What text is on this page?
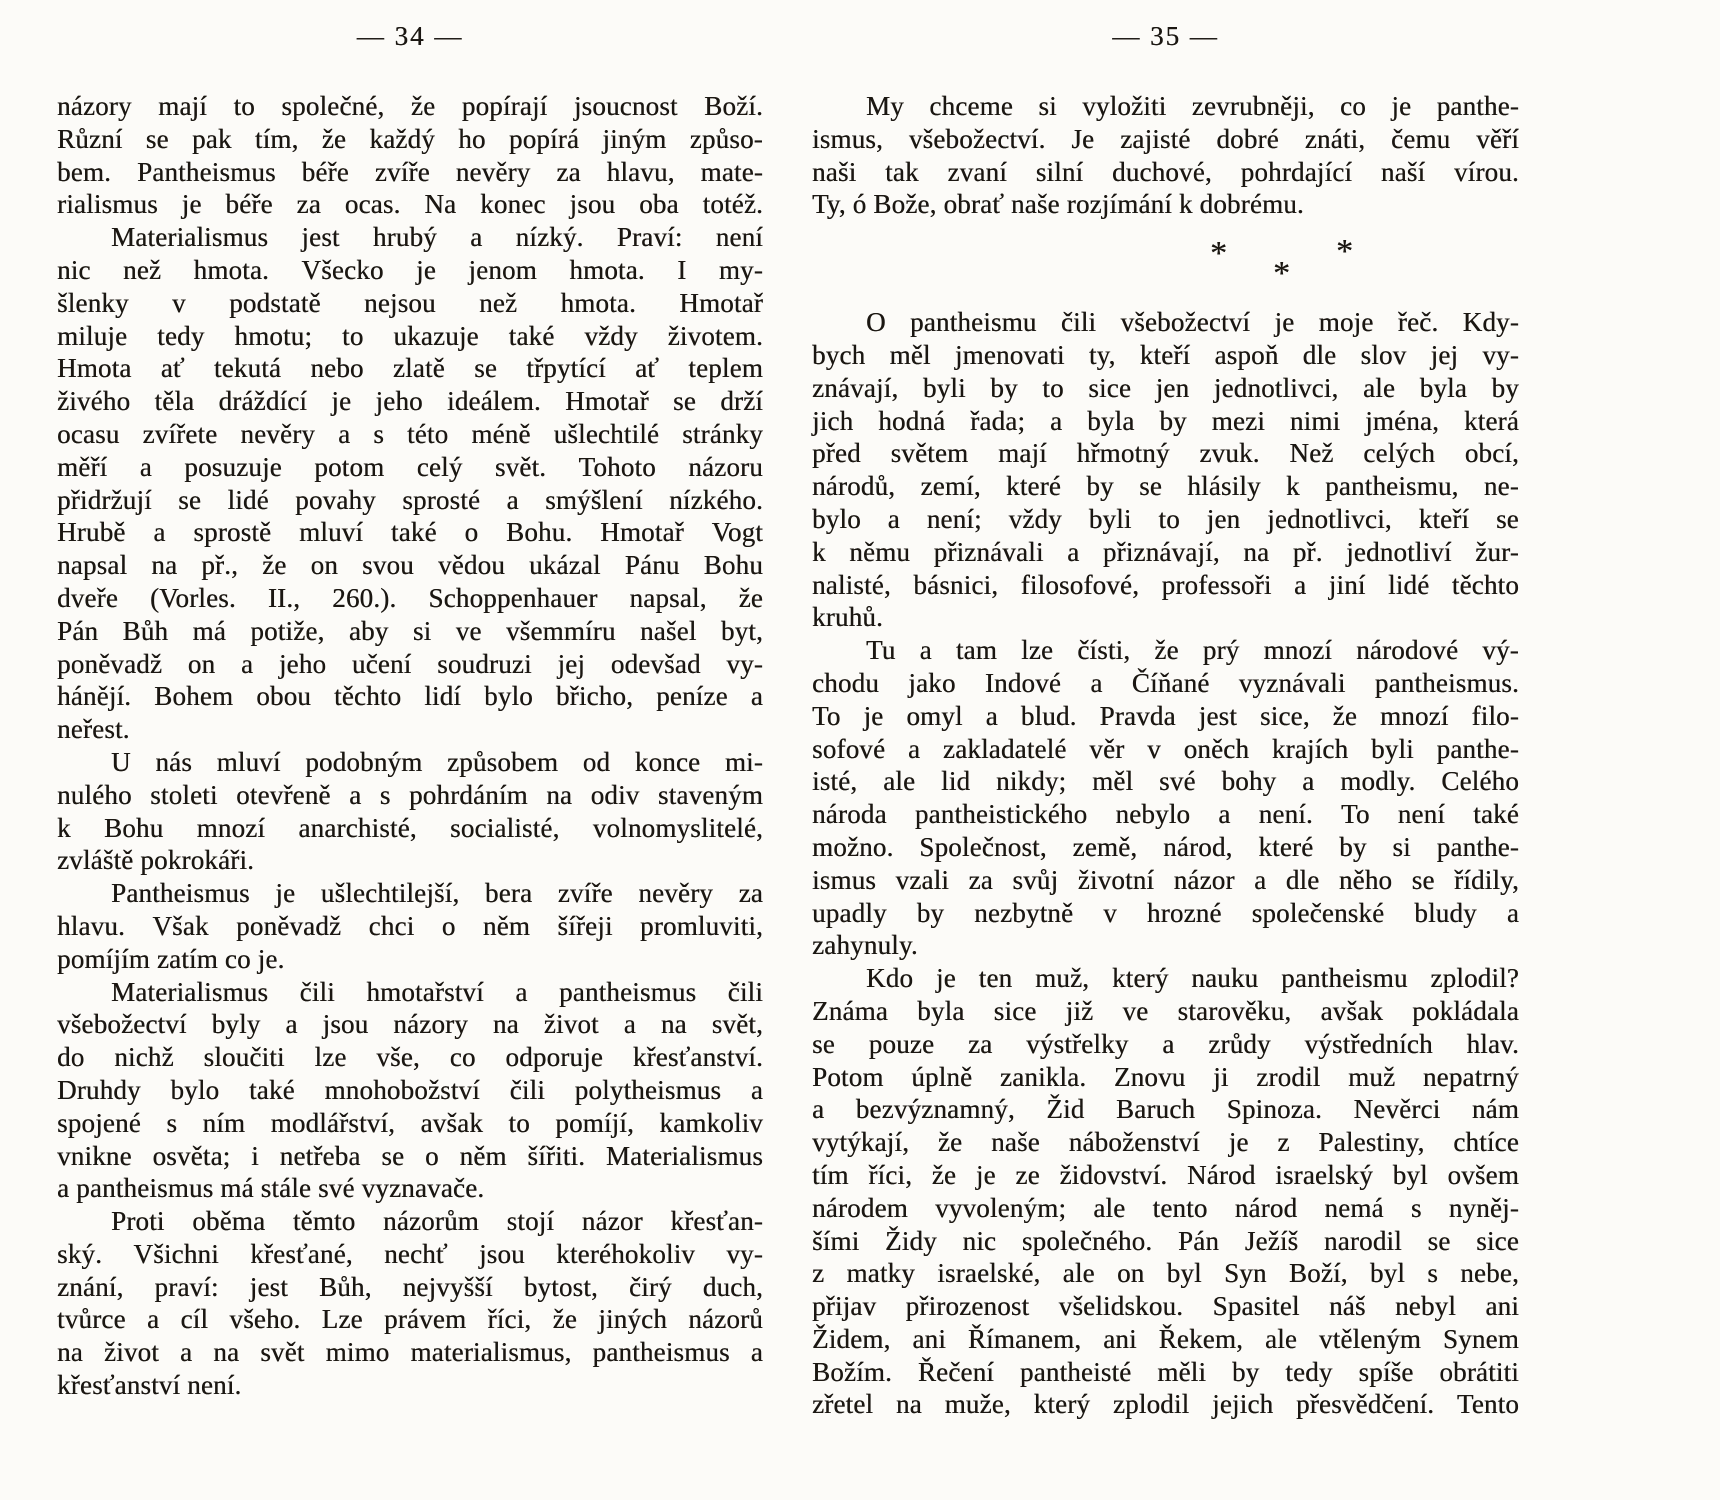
— 34 —
názory mají to společné, že popírají jsoucnost Boží.
Různí se pak tím, že každý ho popírá jiným způso-
bem. Pantheismus béře zvíře nevěry za hlavu, mate-
rialismus je béře za ocas. Na konec jsou oba totéž.
Materialismus jest hrubý a nízký. Praví: není
nic než hmota. Všecko je jenom hmota. I my-
šlenky v podstatě nejsou než hmota. Hmotař
miluje tedy hmotu; to ukazuje také vždy životem.
Hmota ať tekutá nebo zlatě se třpytící ať teplem
živého těla dráždící je jeho ideálem. Hmotař se drží
ocasu zvířete nevěry a s této méně ušlechtilé stránky
měří a posuzuje potom celý svět. Tohoto názoru
přidržují se lidé povahy sprosté a smýšlení nízkého.
Hrubě a sprostě mluví také o Bohu. Hmotař Vogt
napsal na př., že on svou vědou ukázal Pánu Bohu
dveře (Vorles. II., 260.). Schoppenhauer napsal, že
Pán Bůh má potiže, aby si ve všemmíru našel byt,
poněvadž on a jeho učení soudruzi jej odevšad vy-
hánějí. Bohem obou těchto lidí bylo břicho, peníze a
neřest.
U nás mluví podobným způsobem od konce mi-
nulého stoleti otevřeně a s pohrdáním na odiv staveným
k Bohu mnozí anarchisté, socialisté, volnomyslitelé,
zvláště pokrokáři.
Pantheismus je ušlechtilejší, bera zvíře nevěry za
hlavu. Však poněvadž chci o něm šířeji promluviti,
pomíjím zatím co je.
Materialismus čili hmotařství a pantheismus čili
všebožectví byly a jsou názory na život a na svět,
do nichž sloučiti lze vše, co odporuje křesťanství.
Druhdy bylo také mnohobožství čili polytheismus a
spojené s ním modlářství, avšak to pomíjí, kamkoliv
vnikne osvěta; i netřeba se o něm šířiti. Materialismus
a pantheismus má stále své vyznavače.
Proti oběma těmto názorům stojí názor křesťan-
ský. Všichni křesťané, nechť jsou kteréhokoliv vy-
znání, praví: jest Bůh, nejvyšší bytost, čirý duch,
tvůrce a cíl všeho. Lze právem říci, že jiných názorů
na život a na svět mimo materialismus, pantheismus a
křesťanství není.
— 35 —
My chceme si vyložiti zevrubněji, co je panthe-
ismus, všebožectví. Je zajisté dobré znáti, čemu věří
naši tak zvaní silní duchové, pohrdající naší vírou.
Ty, ó Bože, obrať naše rozjímání k dobrému.
*
*
*
O pantheismu čili všebožectví je moje řeč. Kdy-
bych měl jmenovati ty, kteří aspoň dle slov jej vy-
znávají, byli by to sice jen jednotlivci, ale byla by
jich hodná řada; a byla by mezi nimi jména, která
před světem mají hřmotný zvuk. Než celých obcí,
národů, zemí, které by se hlásily k pantheismu, ne-
bylo a není; vždy byli to jen jednotlivci, kteří se
k němu přiznávali a přiznávají, na př. jednotliví žur-
nalisté, básnici, filosofové, professoři a jiní lidé těchto
kruhů.
Tu a tam lze čísti, že prý mnozí národové vý-
chodu jako Indové a Číňané vyznávali pantheismus.
To je omyl a blud. Pravda jest sice, že mnozí filo-
sofové a zakladatelé věr v oněch krajích byli panthe-
isté, ale lid nikdy; měl své bohy a modly. Celého
národa pantheistického nebylo a není. To není také
možno. Společnost, země, národ, které by si panthe-
ismus vzali za svůj životní názor a dle něho se řídily,
upadly by nezbytně v hrozné společenské bludy a
zahynuly.
Kdo je ten muž, který nauku pantheismu zplodil?
Známa byla sice již ve starověku, avšak pokládala
se pouze za výstřelky a zrůdy výstředních hlav.
Potom úplně zanikla. Znovu ji zrodil muž nepatrný
a bezvýznamný, Žid Baruch Spinoza. Nevěrci nám
vytýkají, že naše náboženství je z Palestiny, chtíce
tím říci, že je ze židovství. Národ israelský byl ovšem
národem vyvoleným; ale tento národ nemá s nyněj-
šími Židy nic společného. Pán Ježíš narodil se sice
z matky israelské, ale on byl Syn Boží, byl s nebe,
přijav přirozenost všelidskou. Spasitel náš nebyl ani
Židem, ani Římanem, ani Řekem, ale vtěleným Synem
Božím. Řečení pantheisté měli by tedy spíše obrátiti
zřetel na muže, který zplodil jejich přesvědčení. Tento
